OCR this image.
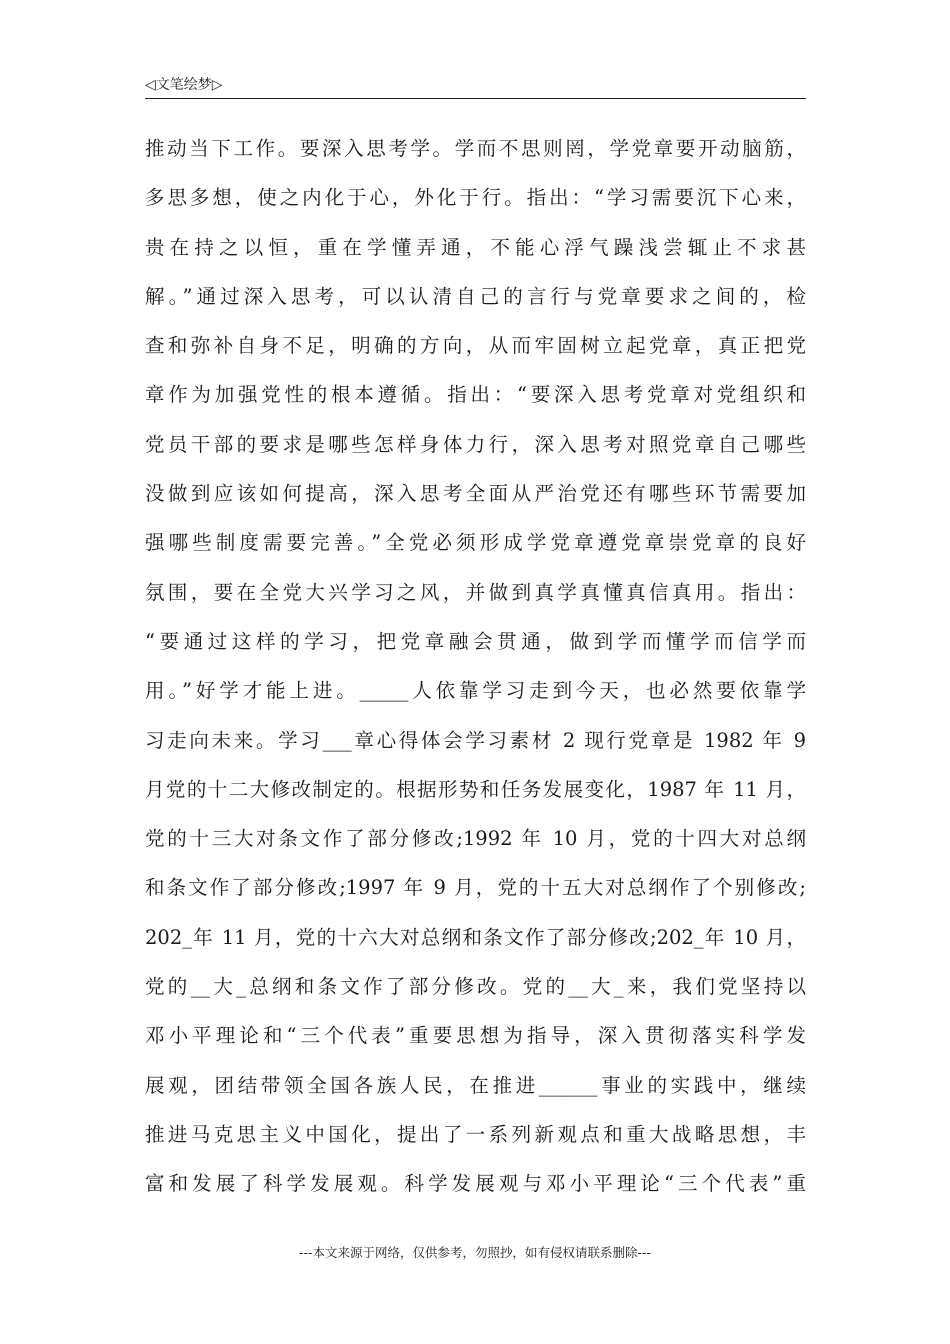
◁文笔绘梦▷
推动当下工作。要深入思考学。学而不思则罔，学党章要开动脑筋，
多思多想，使之内化于心，外化于行。指出：“学习需要沉下心来，
贵在持之以恒，重在学懂弄通，不能心浮气躁浅尝辄止不求甚
解。”通过深入思考，可以认清自己的言行与党章要求之间的，检
查和弥补自身不足，明确的方向，从而牢固树立起党章，真正把党
章作为加强党性的根本遵循。指出：“要深入思考党章对党组织和
党员干部的要求是哪些怎样身体力行，深入思考对照党章自己哪些
没做到应该如何提高，深入思考全面从严治党还有哪些环节需要加
强哪些制度需要完善。”全党必须形成学党章遵党章崇党章的良好
氛围，要在全党大兴学习之风，并做到真学真懂真信真用。指出：
“要通过这样的学习，把党章融会贯通，做到学而懂学而信学而
用。”好学才能上进。_____人依靠学习走到今天，也必然要依靠学
习走向未来。学习___章心得体会学习素材 2 现行党章是 1982 年 9
月党的十二大修改制定的。根据形势和任务发展变化，1987 年 11 月，
党的十三大对条文作了部分修改;1992 年 10 月，党的十四大对总纲
和条文作了部分修改;1997 年 9 月，党的十五大对总纲作了个别修改;
202_年 11 月，党的十六大对总纲和条文作了部分修改;202_年 10 月，
党的__大_总纲和条文作了部分修改。党的__大_来，我们党坚持以
邓小平理论和“三个代表”重要思想为指导，深入贯彻落实科学发
展观，团结带领全国各族人民，在推进______事业的实践中，继续
推进马克思主义中国化，提出了一系列新观点和重大战略思想，丰
富和发展了科学发展观。科学发展观与邓小平理论“三个代表”重
---本文来源于网络，仅供参考，勿照抄，如有侵权请联系删除---
